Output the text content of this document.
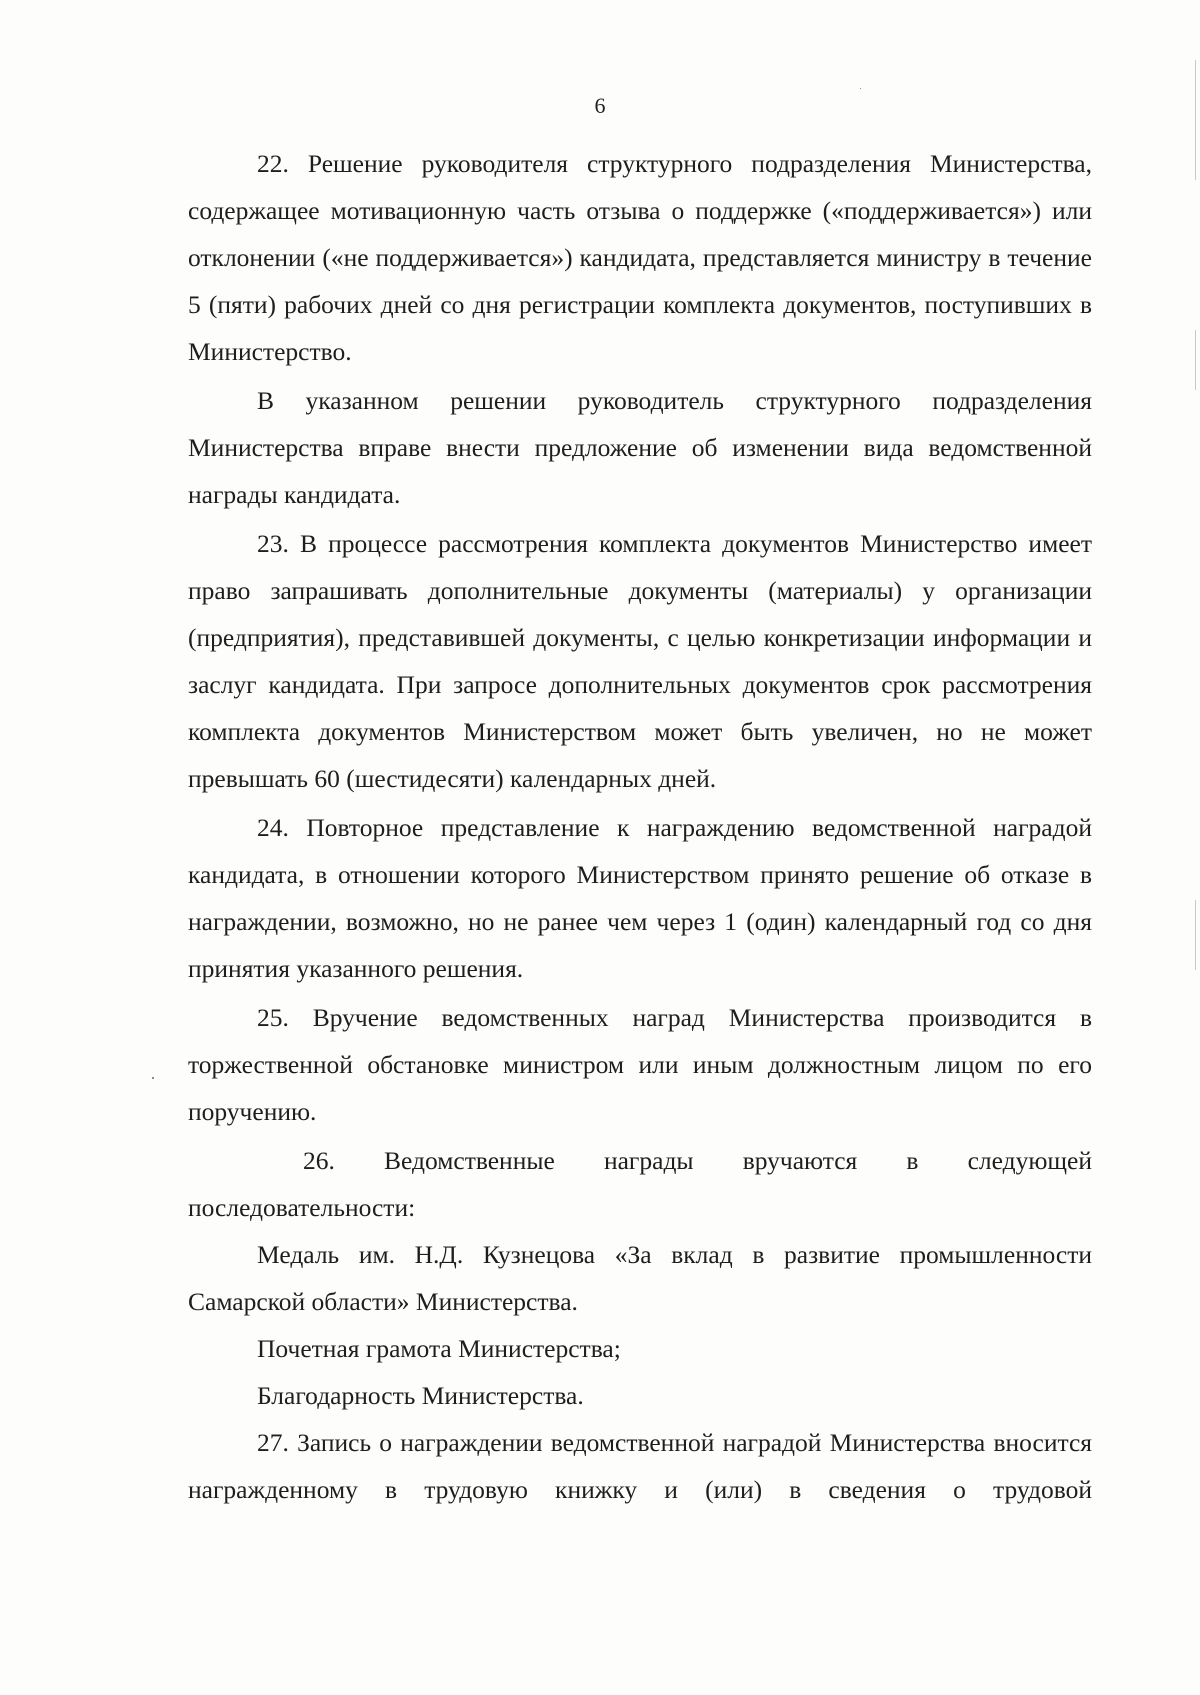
6

22. Решение руководителя структурного подразделения Министерства, содержащее мотивационную часть отзыва о поддержке («поддерживается») или отклонении («не поддерживается») кандидата, представляется министру в течение 5 (пяти) рабочих дней со дня регистрации комплекта документов, поступивших в Министерство.

В указанном решении руководитель структурного подразделения Министерства вправе внести предложение об изменении вида ведомственной награды кандидата.

23. В процессе рассмотрения комплекта документов Министерство имеет право запрашивать дополнительные документы (материалы) у организации (предприятия), представившей документы, с целью конкретизации информации и заслуг кандидата. При запросе дополнительных документов срок рассмотрения комплекта документов Министерством может быть увеличен, но не может превышать 60 (шестидесяти) календарных дней.

24. Повторное представление к награждению ведомственной наградой кандидата, в отношении которого Министерством принято решение об отказе в награждении, возможно, но не ранее чем через 1 (один) календарный год со дня принятия указанного решения.

25. Вручение ведомственных наград Министерства производится в торжественной обстановке министром или иным должностным лицом по его поручению.

26. Ведомственные награды вручаются в следующей последовательности:

Медаль им. Н.Д. Кузнецова «За вклад в развитие промышленности Самарской области» Министерства.

Почетная грамота Министерства;

Благодарность Министерства.

27. Запись о награждении ведомственной наградой Министерства вносится награжденному в трудовую книжку и (или) в сведения о трудовой
